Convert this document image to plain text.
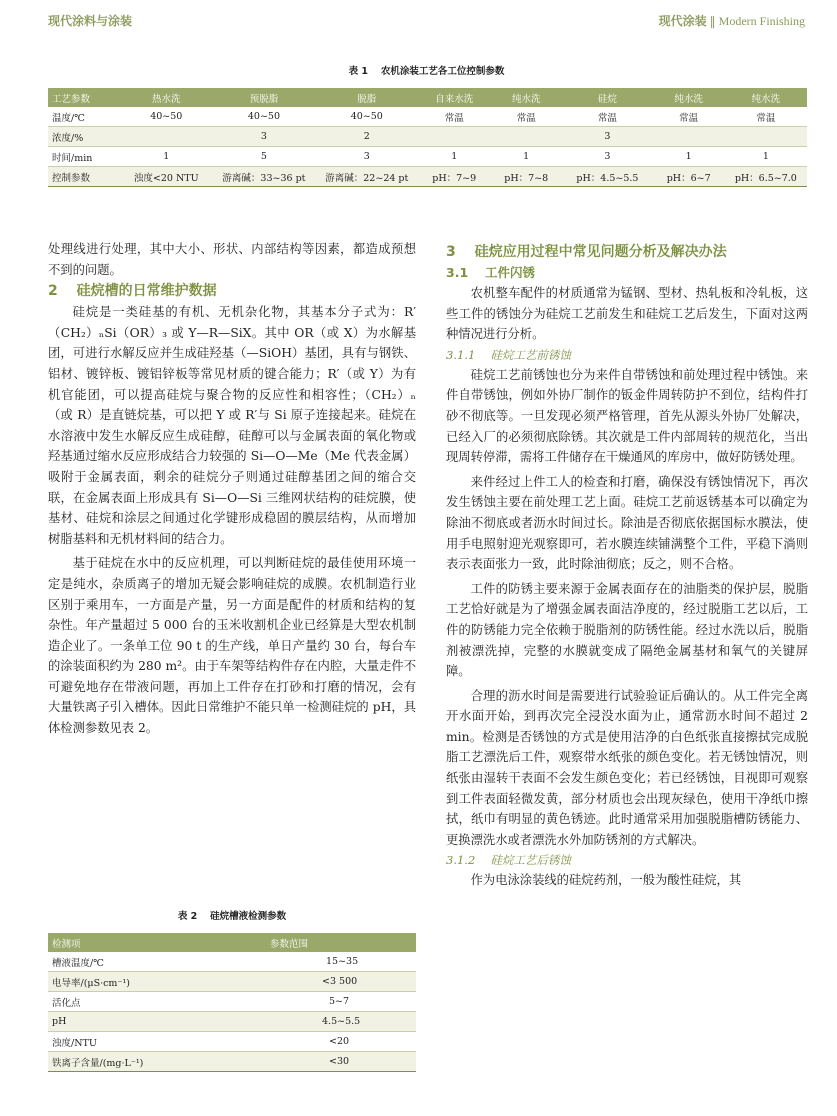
现代涂料与涂装	现代涂装 ‖ Modern Finishing
表 1 　农机涂装工艺各工位控制参数
工艺参数	热水洗	预脱脂	脱脂	自来水洗	纯水洗	硅烷	纯水洗	纯水洗
温度/℃	40~50	40~50	40~50	常温	常温	常温	常温	常温
浓度/%		3	2			3		
时间/min	1	5	3	1	1	3	1	1
控制参数	浊度<20 NTU	游离碱：33~36 pt	游离碱：22~24 pt	pH：7~9	pH：7~8	pH：4.5~5.5	pH：6~7	pH：6.5~7.0

处理线进行处理，其中大小、形状、内部结构等因素，都造成预想不到的问题。

2 　硅烷槽的日常维护数据

硅烷是一类硅基的有机、无机杂化物，其基本分子式为：R′（CH₂）ₙSi（OR）₃ 或 Y—R—SiX。其中 OR（或 X）为水解基团，可进行水解反应并生成硅羟基（—SiOH）基团，具有与钢铁、铝材、镀锌板、镀铝锌板等常见材质的键合能力；R′（或 Y）为有机官能团，可以提高硅烷与聚合物的反应性和相容性；（CH₂）ₙ（或 R）是直链烷基，可以把 Y 或 R′与 Si 原子连接起来。硅烷在水溶液中发生水解反应生成硅醇，硅醇可以与金属表面的氧化物或羟基通过缩水反应形成结合力较强的 Si—O—Me（Me 代表金属）吸附于金属表面，剩余的硅烷分子则通过硅醇基团之间的缩合交联，在金属表面上形成具有 Si—O—Si 三维网状结构的硅烷膜，使基材、硅烷和涂层之间通过化学键形成稳固的膜层结构，从而增加树脂基料和无机材料间的结合力。

基于硅烷在水中的反应机理，可以判断硅烷的最佳使用环境一定是纯水，杂质离子的增加无疑会影响硅烷的成膜。农机制造行业区别于乘用车，一方面是产量，另一方面是配件的材质和结构的复杂性。年产量超过 5 000 台的玉米收割机企业已经算是大型农机制造企业了。一条单工位 90 t 的生产线，单日产量约 30 台，每台车的涂装面积约为 280 m²。由于车架等结构件存在内腔，大量走件不可避免地存在带液问题，再加上工件存在打砂和打磨的情况，会有大量铁离子引入槽体。因此日常维护不能只单一检测硅烷的 pH，具体检测参数见表 2。

表 2 　硅烷槽液检测参数
检测项	参数范围
槽液温度/℃	15~35
电导率/(μS·cm⁻¹)	<3 500
活化点	5~7
pH	4.5~5.5
浊度/NTU	<20
铁离子含量/(mg·L⁻¹)	<30
3 　硅烷应用过程中常见问题分析及解决办法
3.1 　工件闪锈

农机整车配件的材质通常为锰钢、型材、热轧板和冷轧板，这些工件的锈蚀分为硅烷工艺前发生和硅烷工艺后发生，下面对这两种情况进行分析。

3.1.1 　硅烷工艺前锈蚀

硅烷工艺前锈蚀也分为来件自带锈蚀和前处理过程中锈蚀。来件自带锈蚀，例如外协厂制作的钣金件周转防护不到位，结构件打砂不彻底等。一旦发现必须严格管理，首先从源头外协厂处解决，已经入厂的必须彻底除锈。其次就是工件内部周转的规范化，当出现周转停滞，需将工件储存在干燥通风的库房中，做好防锈处理。

来件经过上件工人的检查和打磨，确保没有锈蚀情况下，再次发生锈蚀主要在前处理工艺上面。硅烷工艺前返锈基本可以确定为除油不彻底或者沥水时间过长。除油是否彻底依据国标水膜法，使用手电照射迎光观察即可，若水膜连续铺满整个工件，平稳下淌则表示表面张力一致，此时除油彻底；反之，则不合格。

工件的防锈主要来源于金属表面存在的油脂类的保护层，脱脂工艺恰好就是为了增强金属表面洁净度的，经过脱脂工艺以后，工件的防锈能力完全依赖于脱脂剂的防锈性能。经过水洗以后，脱脂剂被漂洗掉，完整的水膜就变成了隔绝金属基材和氧气的关键屏障。

合理的沥水时间是需要进行试验验证后确认的。从工件完全离开水面开始，到再次完全浸没水面为止，通常沥水时间不超过 2 min。检测是否锈蚀的方式是使用洁净的白色纸张直接擦拭完成脱脂工艺漂洗后工件，观察带水纸张的颜色变化。若无锈蚀情况，则纸张由湿转干表面不会发生颜色变化；若已经锈蚀，目视即可观察到工件表面轻微发黄，部分材质也会出现灰绿色，使用干净纸巾擦拭，纸巾有明显的黄色锈迹。此时通常采用加强脱脂槽防锈能力、更换漂洗水或者漂洗水外加防锈剂的方式解决。

3.1.2 　硅烷工艺后锈蚀

作为电泳涂装线的硅烷药剂，一般为酸性硅烷，其
